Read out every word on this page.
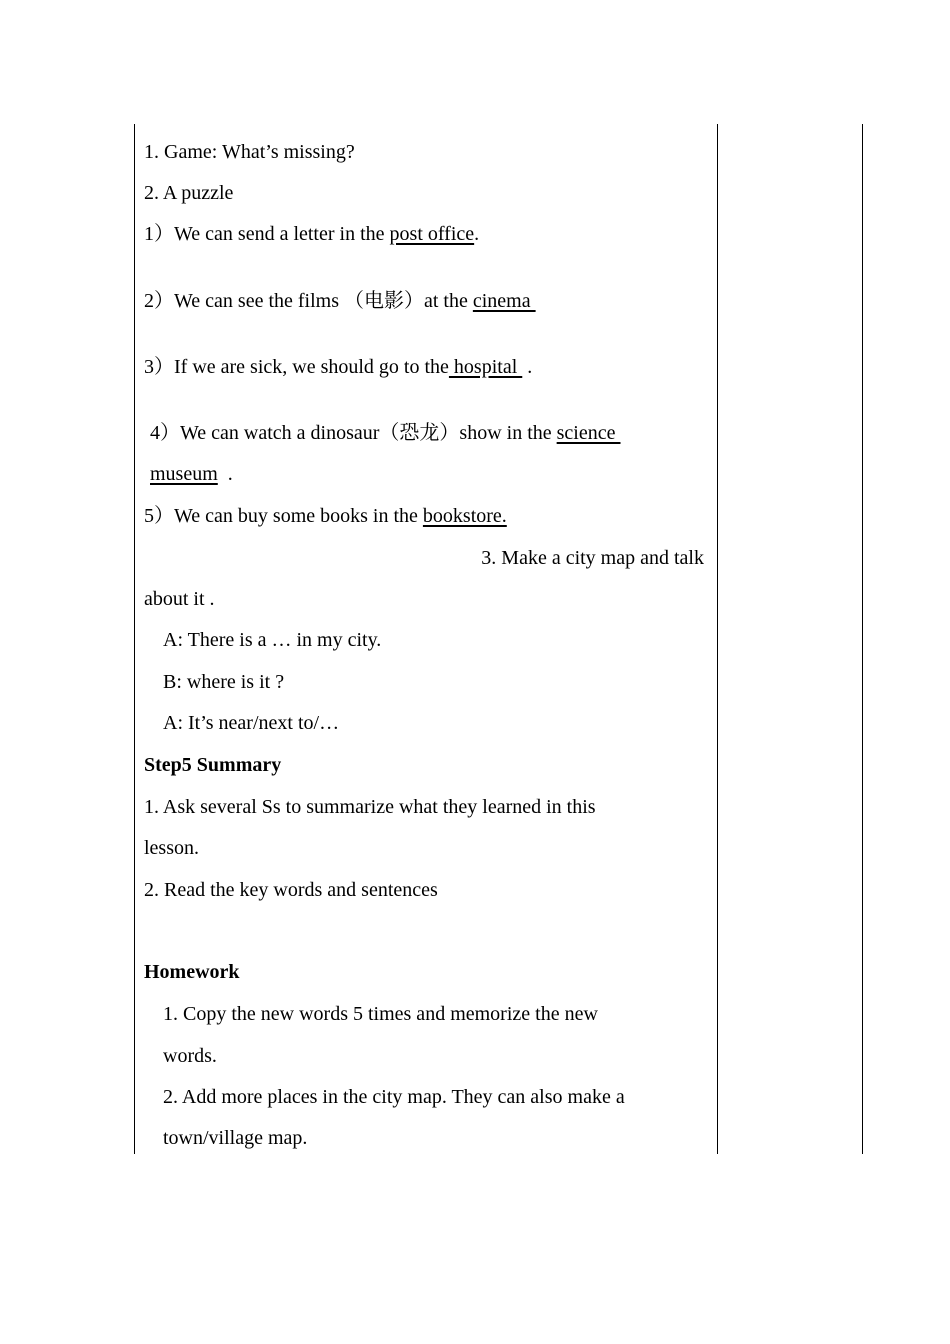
1. Game: What’s missing?
2. A puzzle
1）We can send a letter in the post office.
2）We can see the films （电影）at the cinema
3）If we are sick, we should go to the hospital  .
4）We can watch a dinosaur（恐龙）show in the science
museum  .
5）We can buy some books in the bookstore.
3. Make a city map and talk
about it .
A: There is a … in my city.
B: where is it ?
A: It’s near/next to/…
Step5 Summary
1. Ask several Ss to summarize what they learned in this
lesson.
2. Read the key words and sentences
Homework
1. Copy the new words 5 times and memorize the new
words.
2. Add more places in the city map. They can also make a
town/village map.
